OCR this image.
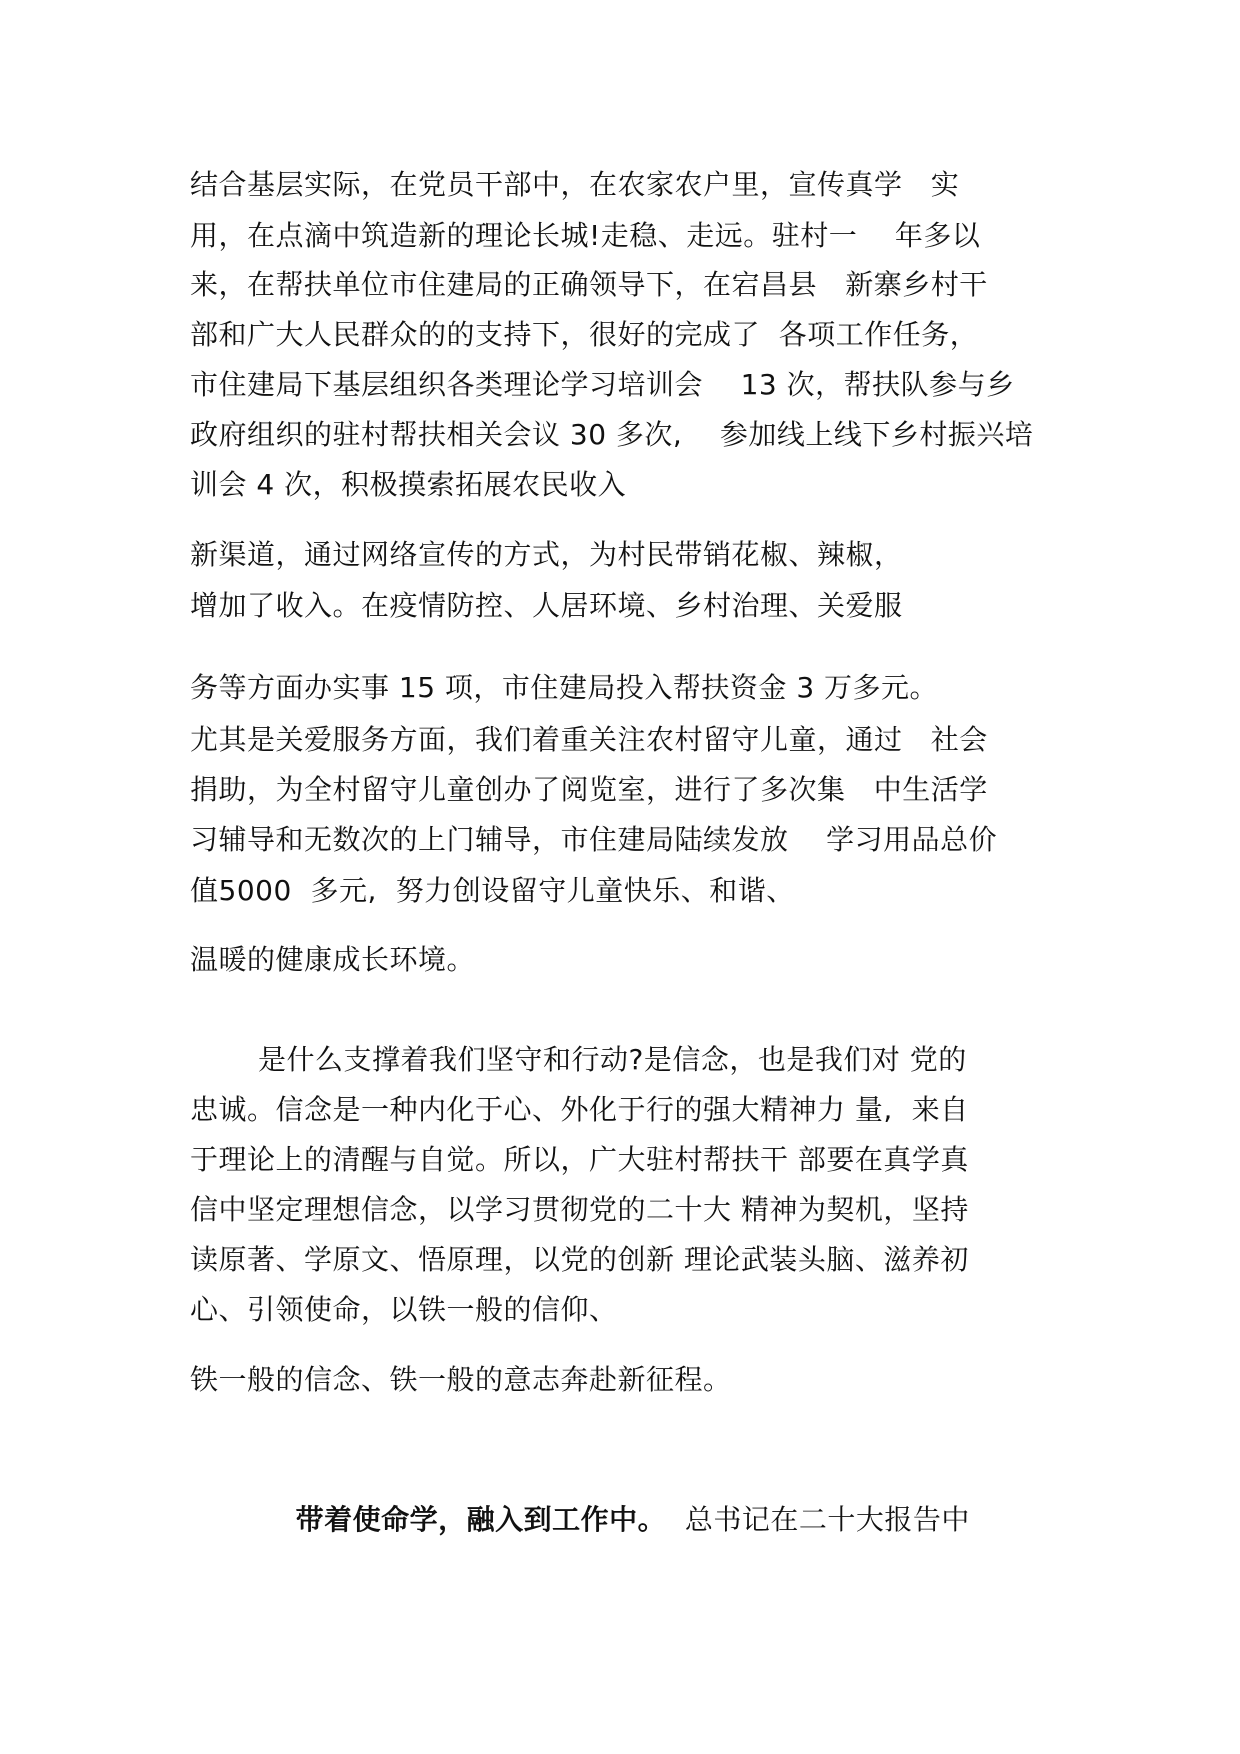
结合基层实际，在党员干部中，在农家农户里，宣传真学   实
用，在点滴中筑造新的理论长城!走稳、走远。驻村一    年多以
来，在帮扶单位市住建局的正确领导下，在宕昌县   新寨乡村干
部和广大人民群众的的支持下，很好的完成了  各项工作任务，
市住建局下基层组织各类理论学习培训会    13 次，帮扶队参与乡
政府组织的驻村帮扶相关会议 30 多次,    参加线上线下乡村振兴培
训会 4 次，积极摸索拓展农民收入
新渠道，通过网络宣传的方式，为村民带销花椒、辣椒，
增加了收入。在疫情防控、人居环境、乡村治理、关爱服
务等方面办实事 15 项，市住建局投入帮扶资金 3 万多元。
尤其是关爱服务方面，我们着重关注农村留守儿童，通过   社会
捐助，为全村留守儿童创办了阅览室，进行了多次集   中生活学
习辅导和无数次的上门辅导，市住建局陆续发放    学习用品总价
值5000  多元,  努力创设留守儿童快乐、和谐、
温暖的健康成长环境。
是什么支撑着我们坚守和行动?是信念，也是我们对 党的
忠诚。信念是一种内化于心、外化于行的强大精神力 量,  来自
于理论上的清醒与自觉。所以，广大驻村帮扶干 部要在真学真
信中坚定理想信念，以学习贯彻党的二十大 精神为契机，坚持
读原著、学原文、悟原理，以党的创新 理论武装头脑、滋养初
心、引领使命，以铁一般的信仰、
铁一般的信念、铁一般的意志奔赴新征程。

带着使命学，融入到工作中。  总书记在二十大报告中
